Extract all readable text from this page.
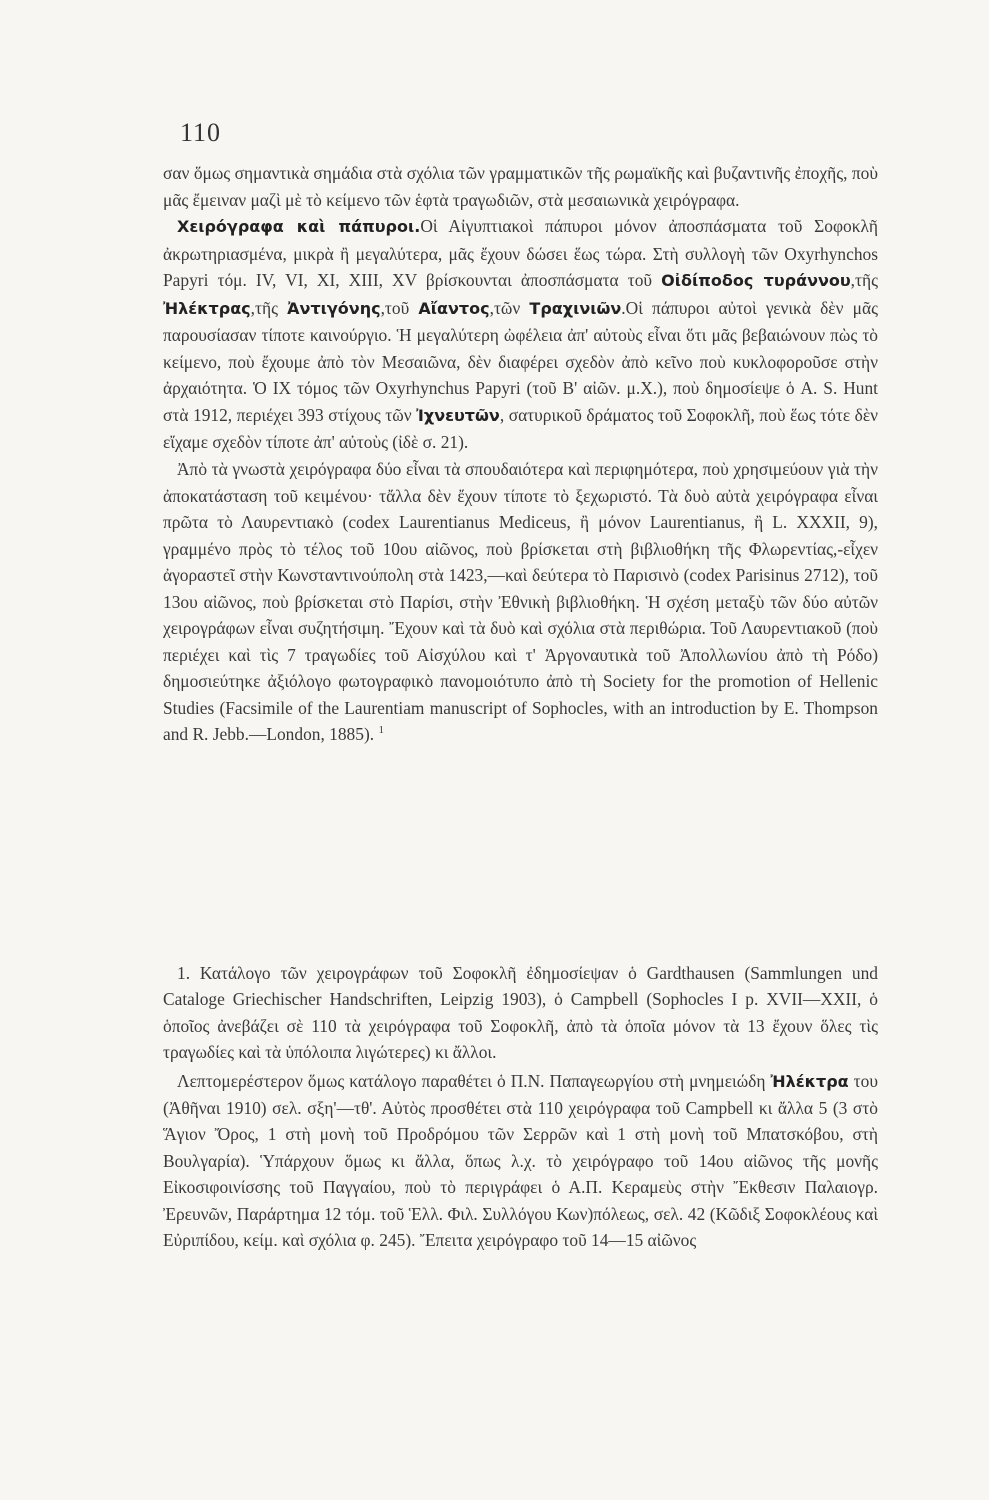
110

σαν ὅμως σημαντικὰ σημάδια στὰ σχόλια τῶν γραμματικῶν τῆς ρωμαϊκῆς καὶ βυζαντινῆς ἐποχῆς, ποὺ μᾶς ἔμειναν μαζὶ μὲ τὸ κείμενο τῶν ἑφτὰ τραγωδιῶν, στὰ μεσαιωνικὰ χειρόγραφα.

Χειρόγραφα καὶ πάπυροι.Οἱ Αἰγυπτιακοὶ πάπυροι μόνον ἀποσπάσματα τοῦ Σοφοκλῆ ἀκρωτηριασμένα, μικρὰ ἢ μεγαλύτερα, μᾶς ἔχουν δώσει ἕως τώρα. Στὴ συλλογὴ τῶν Oxyrhynchos Papyri τόμ. IV, VI, XI, XIII, XV βρίσκουνται ἀποσπάσματα τοῦ Οἰδίποδος τυράννου,τῆς Ἠλέκτρας,τῆς Ἀντιγόνης,τοῦ Αἴαντος,τῶν Τραχινιῶν.Οἱ πάπυροι αὐτοὶ γενικὰ δὲν μᾶς παρουσίασαν τίποτε καινούργιο. Ἡ μεγαλύτερη ὠφέλεια ἀπ' αὐτοὺς εἶναι ὅτι μᾶς βεβαιώνουν πὼς τὸ κείμενο, ποὺ ἔχουμε ἀπὸ τὸν Μεσαιῶνα, δὲν διαφέρει σχεδὸν ἀπὸ κεῖνο ποὺ κυκλοφοροῦσε στὴν ἀρχαιότητα. Ὁ IX τόμος τῶν Oxyrhynchus Papyri (τοῦ Β' αἰῶν. μ.Χ.), ποὺ δημοσίεψε ὁ A. S. Hunt στὰ 1912, περιέχει 393 στίχους τῶν Ἰχνευτῶν, σατυρικοῦ δράματος τοῦ Σοφοκλῆ, ποὺ ἕως τότε δὲν εἴχαμε σχεδὸν τίποτε ἀπ' αὐτοὺς (ἰδὲ σ. 21).

Ἀπὸ τὰ γνωστὰ χειρόγραφα δύο εἶναι τὰ σπουδαιότερα καὶ περιφημότερα, ποὺ χρησιμεύουν γιὰ τὴν ἀποκατάσταση τοῦ κειμένου· τἄλλα δὲν ἔχουν τίποτε τὸ ξεχωριστό. Τὰ δυὸ αὐτὰ χειρόγραφα εἶναι πρῶτα τὸ Λαυρεντιακὸ (codex Laurentianus Mediceus, ἢ μόνον Laurentianus, ἢ L. XXXII, 9), γραμμένο πρὸς τὸ τέλος τοῦ 10ου αἰῶνος, ποὺ βρίσκεται στὴ βιβλιοθήκη τῆς Φλωρεντίας,-εἶχεν ἀγοραστεῖ στὴν Κωνσταντινούπολη στὰ 1423,—καὶ δεύτερα τὸ Παρισινὸ (codex Parisinus 2712), τοῦ 13ου αἰῶνος, ποὺ βρίσκεται στὸ Παρίσι, στὴν Ἐθνικὴ βιβλιοθήκη. Ἡ σχέση μεταξὺ τῶν δύο αὐτῶν χειρογράφων εἶναι συζητήσιμη. Ἔχουν καὶ τὰ δυὸ καὶ σχόλια στὰ περιθώρια. Τοῦ Λαυρεντιακοῦ (ποὺ περιέχει καὶ τὶς 7 τραγωδίες τοῦ Αἰσχύλου καὶ τ' Ἀργοναυτικὰ τοῦ Ἀπολλωνίου ἀπὸ τὴ Ρόδο) δημοσιεύτηκε ἀξιόλογο φωτογραφικὸ πανομοιότυπο ἀπὸ τὴ Society for the promotion of Hellenic Studies (Facsimile of the Laurentiam manuscript of Sophocles, with an introduction by E. Thompson and R. Jebb.—London, 1885). $^1$

1. Κατάλογο τῶν χειρογράφων τοῦ Σοφοκλῆ ἐδημοσίεψαν ὁ Gardthausen (Sammlungen und Cataloge Griechischer Handschriften, Leipzig 1903), ὁ Campbell (Sophocles I p. XVII—XXII, ὁ ὁποῖος ἀνεβάζει σὲ 110 τὰ χειρόγραφα τοῦ Σοφοκλῆ, ἀπὸ τὰ ὁποῖα μόνον τὰ 13 ἔχουν ὅλες τὶς τραγωδίες καὶ τὰ ὑπόλοιπα λιγώτερες) κι ἄλλοι.

Λεπτομερέστερον ὅμως κατάλογο παραθέτει ὁ Π.Ν. Παπαγεωργίου στὴ μνημειώδη Ἠλέκτρα του (Ἀθῆναι 1910) σελ. σξη'—τθ'. Αὐτὸς προσθέτει στὰ 110 χειρόγραφα τοῦ Campbell κι ἄλλα 5 (3 στὸ Ἅγιον Ὄρος, 1 στὴ μονὴ τοῦ Προδρόμου τῶν Σερρῶν καὶ 1 στὴ μονὴ τοῦ Μπατσκόβου, στὴ Βουλγαρία). Ὑπάρχουν ὅμως κι ἄλλα, ὅπως λ.χ. τὸ χειρόγραφο τοῦ 14ου αἰῶνος τῆς μονῆς Εἰκοσιφοινίσσης τοῦ Παγγαίου, ποὺ τὸ περιγράφει ὁ Α.Π. Κεραμεὺς στὴν Ἔκθεσιν Παλαιογρ. Ἐρευνῶν, Παράρτημα 12 τόμ. τοῦ Ἑλλ. Φιλ. Συλλόγου Κων)πόλεως, σελ. 42 (Κῶδιξ Σοφοκλέους καὶ Εὐριπίδου, κείμ. καὶ σχόλια φ. 245). Ἔπειτα χειρόγραφο τοῦ 14—15 αἰῶνος
